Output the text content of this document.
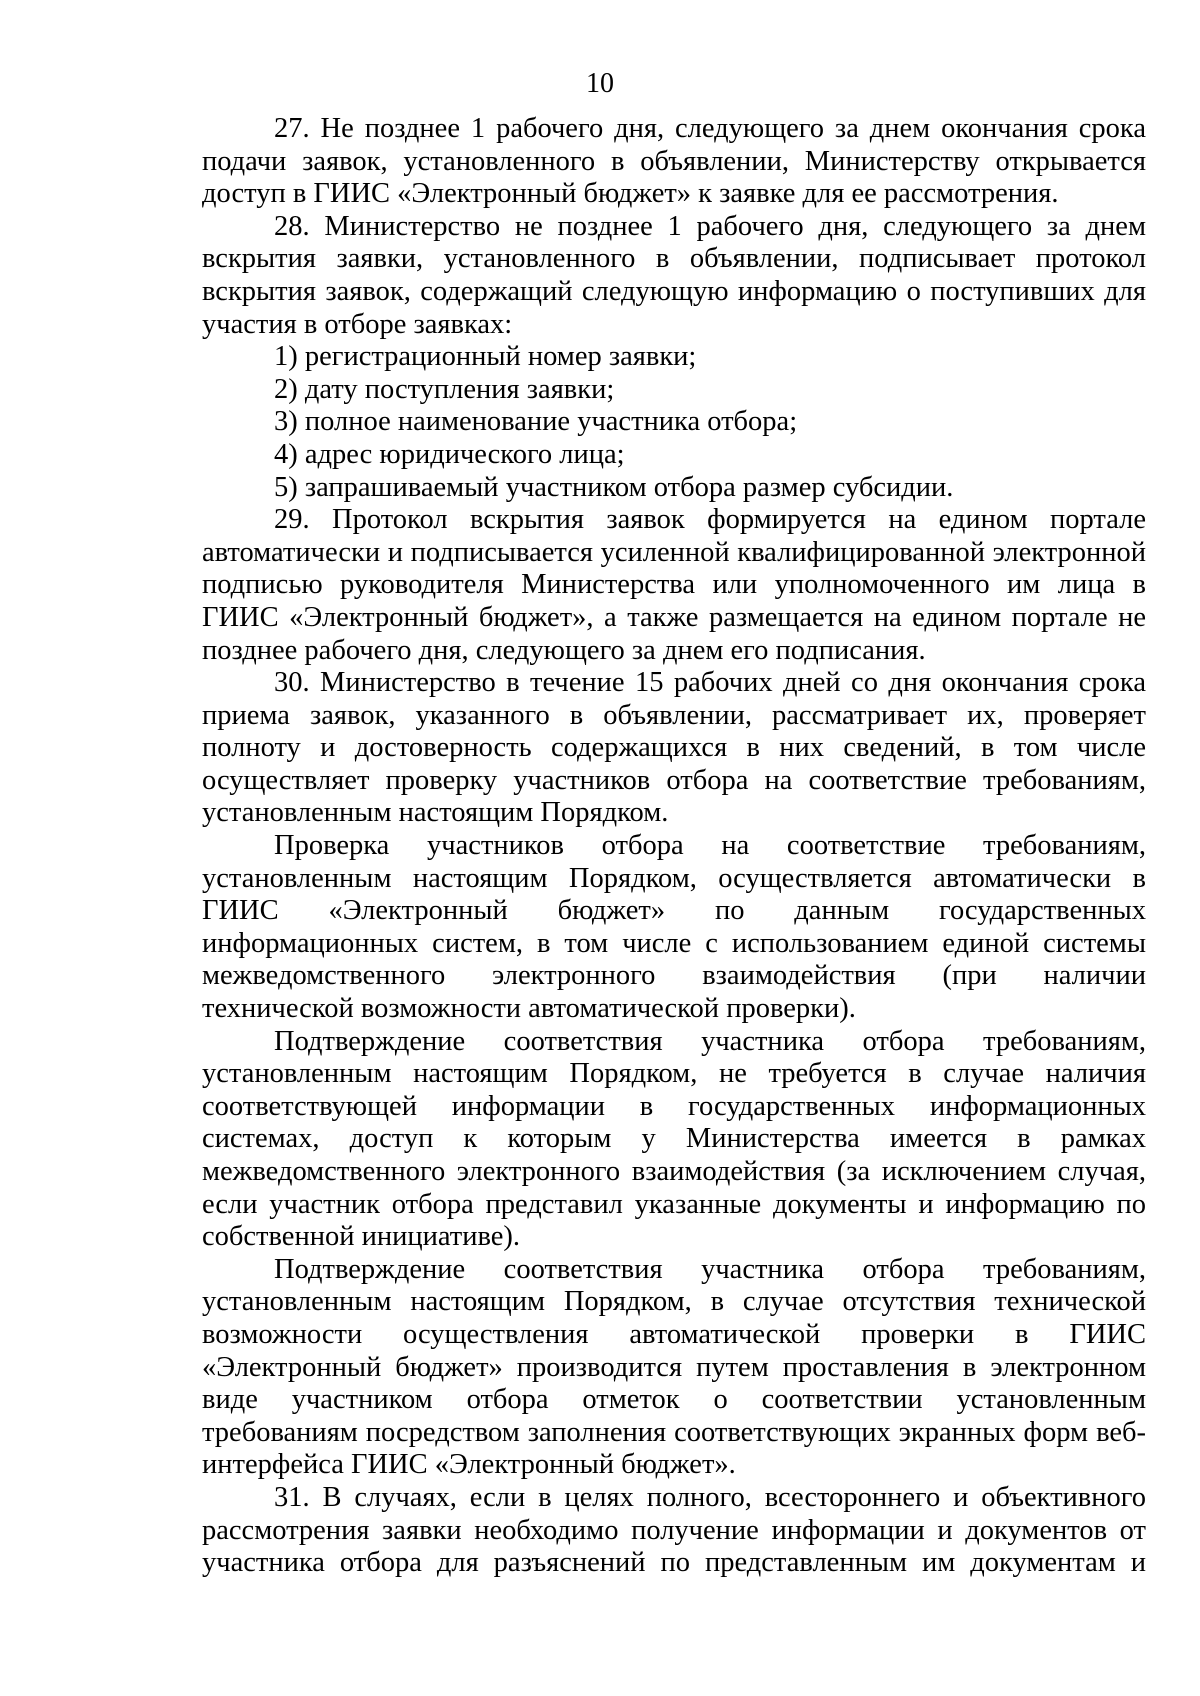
10

27. Не позднее 1 рабочего дня, следующего за днем окончания срока подачи заявок, установленного в объявлении, Министерству открывается доступ в ГИИС «Электронный бюджет» к заявке для ее рассмотрения.

28. Министерство не позднее 1 рабочего дня, следующего за днем вскрытия заявки, установленного в объявлении, подписывает протокол вскрытия заявок, содержащий следующую информацию о поступивших для участия в отборе заявках:

1) регистрационный номер заявки;

2) дату поступления заявки;

3) полное наименование участника отбора;

4) адрес юридического лица;

5) запрашиваемый участником отбора размер субсидии.

29. Протокол вскрытия заявок формируется на едином портале автоматически и подписывается усиленной квалифицированной электронной подписью руководителя Министерства или уполномоченного им лица в ГИИС «Электронный бюджет», а также размещается на едином портале не позднее рабочего дня, следующего за днем его подписания.

30. Министерство в течение 15 рабочих дней со дня окончания срока приема заявок, указанного в объявлении, рассматривает их, проверяет полноту и достоверность содержащихся в них сведений, в том числе осуществляет проверку участников отбора на соответствие требованиям, установленным настоящим Порядком.

Проверка участников отбора на соответствие требованиям, установленным настоящим Порядком, осуществляется автоматически в ГИИС «Электронный бюджет» по данным государственных информационных систем, в том числе с использованием единой системы межведомственного электронного взаимодействия (при наличии технической возможности автоматической проверки).

Подтверждение соответствия участника отбора требованиям, установленным настоящим Порядком, не требуется в случае наличия соответствующей информации в государственных информационных системах, доступ к которым у Министерства имеется в рамках межведомственного электронного взаимодействия (за исключением случая, если участник отбора представил указанные документы и информацию по собственной инициативе).

Подтверждение соответствия участника отбора требованиям, установленным настоящим Порядком, в случае отсутствия технической возможности осуществления автоматической проверки в ГИИС «Электронный бюджет» производится путем проставления в электронном виде участником отбора отметок о соответствии установленным требованиям посредством заполнения соответствующих экранных форм веб-интерфейса ГИИС «Электронный бюджет».

31. В случаях, если в целях полного, всестороннего и объективного рассмотрения заявки необходимо получение информации и документов от участника отбора для разъяснений по представленным им документам и
